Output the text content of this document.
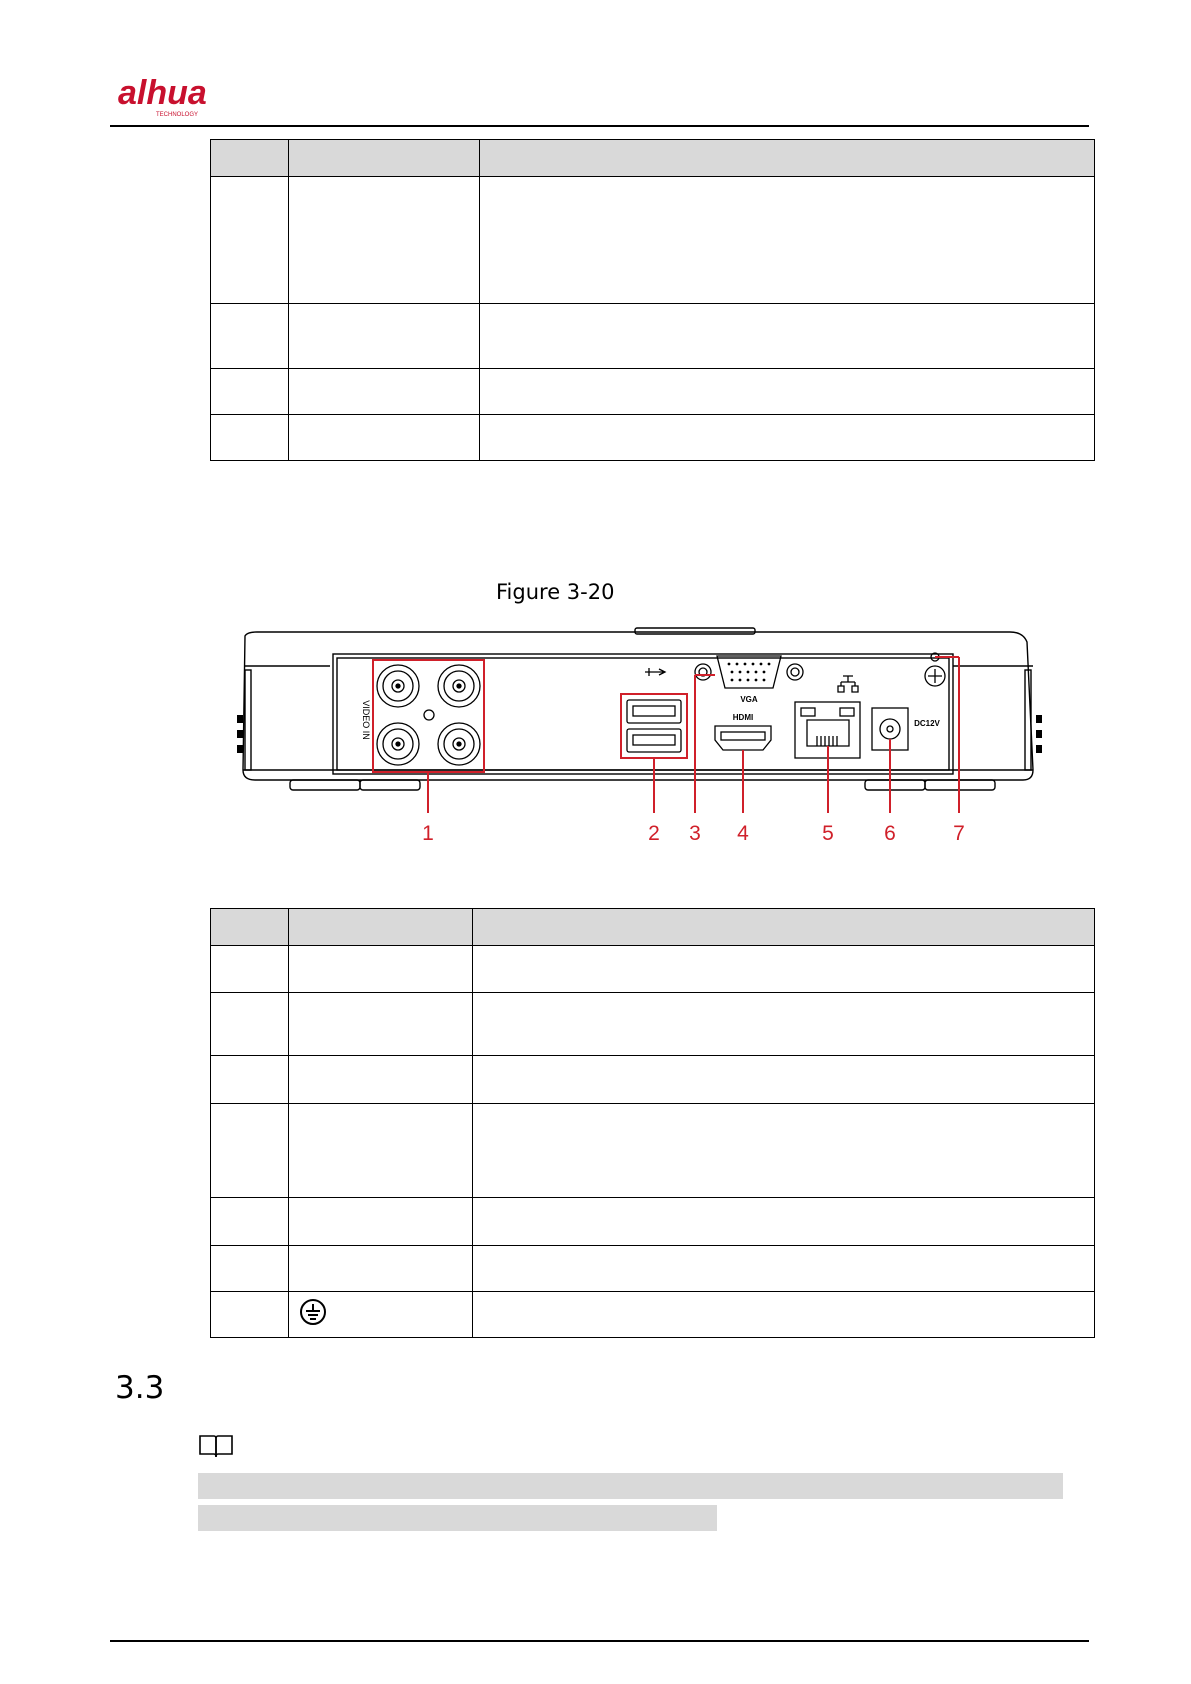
alhua
TECHNOLOGY

Figure 3-20
VIDEO IN
VGA
HDMI
DC12V
1	2 3 4	5 6	7

3.3
